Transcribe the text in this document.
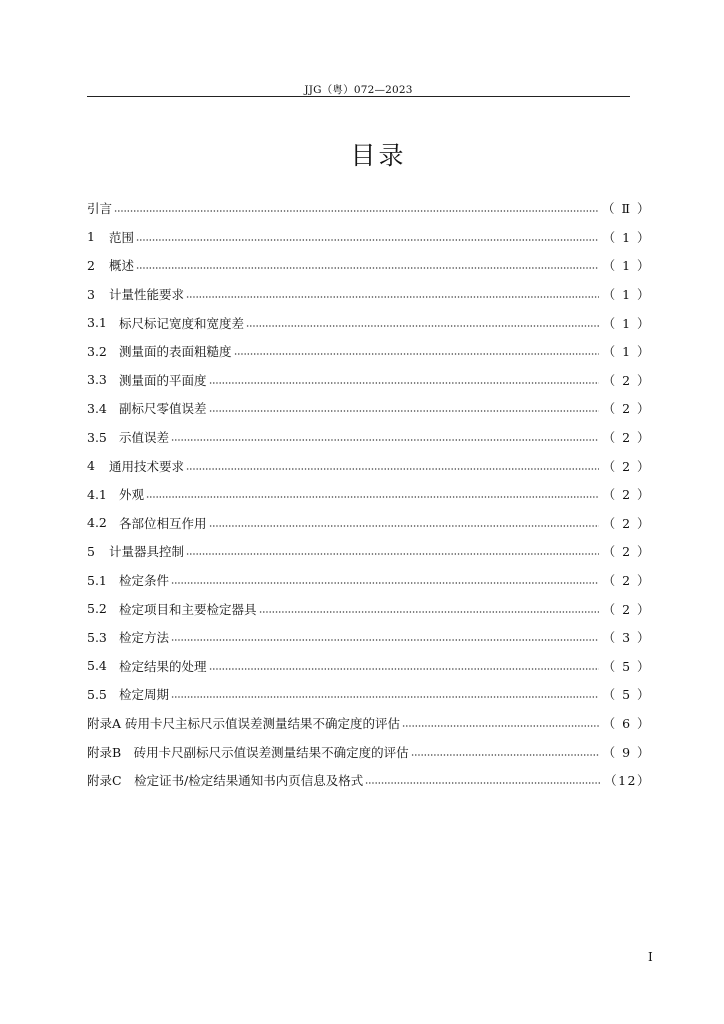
JJG（粤）072—2023
目录
引言	（ Ⅱ ）
1	范围	（ 1 ）
2	概述	（ 1 ）
3	计量性能要求	（ 1 ）
3.1 标尺标记宽度和宽度差	（ 1 ）
3.2 测量面的表面粗糙度	（ 1 ）
3.3 测量面的平面度	（ 2 ）
3.4 副标尺零值误差	（ 2 ）
3.5 示值误差	（ 2 ）
4	通用技术要求	（ 2 ）
4.1 外观	（ 2 ）
4.2 各部位相互作用	（ 2 ）
5	计量器具控制	（ 2 ）
5.1 检定条件	（ 2 ）
5.2 检定项目和主要检定器具	（ 2 ）
5.3 检定方法	（ 3 ）
5.4 检定结果的处理	（ 5 ）
5.5 检定周期	（ 5 ）
附录A 砖用卡尺主标尺示值误差测量结果不确定度的评估	（ 6 ）
附录B　砖用卡尺副标尺示值误差测量结果不确定度的评估	（ 9 ）
附录C　检定证书/检定结果通知书内页信息及格式	（12）
I
